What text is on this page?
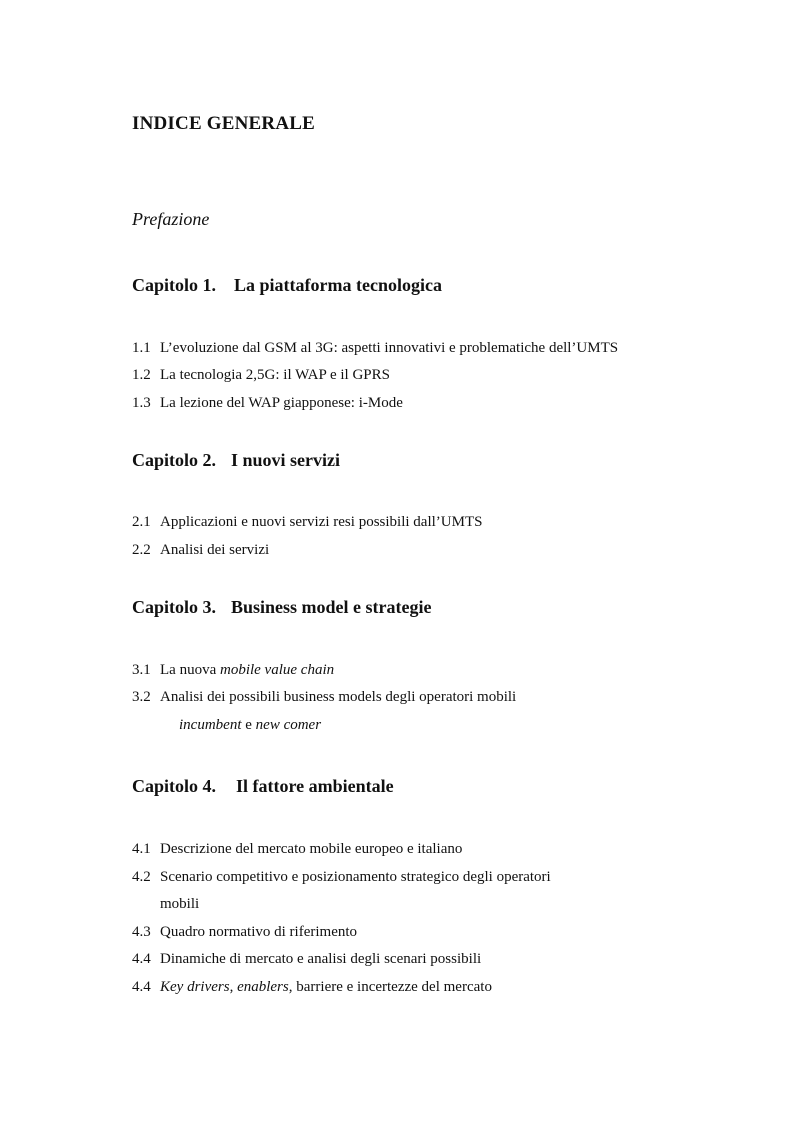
INDICE GENERALE
Prefazione
Capitolo 1. La piattaforma tecnologica
1.1 L’evoluzione dal GSM al 3G: aspetti innovativi e problematiche dell’UMTS
1.2 La tecnologia 2,5G: il WAP e il GPRS
1.3 La lezione del WAP giapponese: i-Mode
Capitolo 2. I nuovi servizi
2.1 Applicazioni e nuovi servizi resi possibili dall’UMTS
2.2 Analisi dei servizi
Capitolo 3. Business model e strategie
3.1 La nuova mobile value chain
3.2 Analisi dei possibili business models degli operatori mobili
incumbent e new comer
Capitolo 4. Il fattore ambientale
4.1 Descrizione del mercato mobile europeo e italiano
4.2 Scenario competitivo e posizionamento strategico degli operatori
mobili
4.3 Quadro normativo di riferimento
4.4 Dinamiche di mercato e analisi degli scenari possibili
4.4 Key drivers, enablers, barriere e incertezze del mercato
